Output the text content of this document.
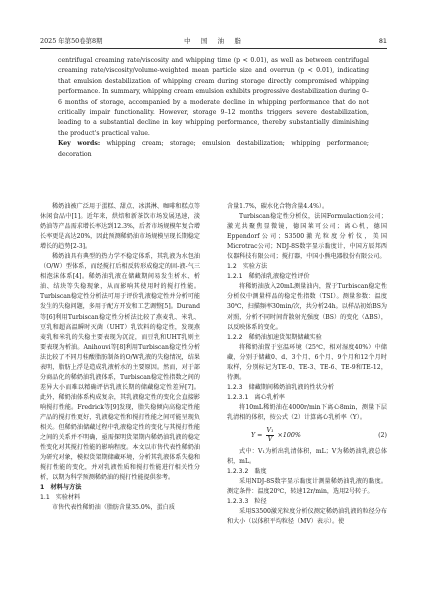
2025 年第50卷第8期	中　国　油　脂	81

centrifugal creaming rate/viscosity and whipping time (p < 0.01), as well as between centrifugal creaming rate/viscosity/volume-weighted mean particle size and overrun (p < 0.01), indicating that emulsion destabilization of whipping cream during storage directly compromised whipping performance. In summary, whipping cream emulsion exhibits progressive destabilization during 0–6 months of storage, accompanied by a moderate decline in whipping performance that do not critically impair functionality. However, storage 9–12 months triggers severe destabilization, leading to a substantial decline in key whipping performance, thereby substantially diminishing the product's practical value.

Key words: whipping cream; storage; emulsion destabilization; whipping performance; decoration

稀奶油被广泛用于蛋糕、甜点、冰淇淋、咖啡和糕点等休闲食品中[1]。近年来，烘焙和新茶饮市场发展迅速，淡奶油等产品需求增长率达到12.3%，后者市场规模年复合增长率更是高达20%，因此预测稀奶油市场规模呈现长期稳定增长的趋势[2-3]。

稀奶油具有典型的热力学不稳定体系，其乳液为水包油（O/W）型体系，而经搅打后相反转形成稳定的固-液-气三相泡沫体系[4]。稀奶油乳液在储藏期间易发生析水、析油、结块等失稳现象，从而影响其使用时的搅打性能。Turbiscan稳定性分析法可用于评价乳液稳定性并分析可能发生的失稳问题，多用于配方开发和工艺调整[5]。Durand等[6]利用Turbiscan稳定性分析法比较了燕麦乳、米乳、豆乳和超高温瞬时灭菌（UHT）乳饮料的稳定性，发现燕麦乳和米乳的失稳主要表现为沉淀，而豆乳和UHT乳则主要表现为析油。Anihouvi等[8]利用Turbiscan稳定性分析法比较了不同月桂酸脂肪制备的O/W乳液的失稳情况，结果表明，脂肪上浮是造成乳液析水的主要原因。然而，对于部分商品化的稀奶油乳液体系，Turbiscan稳定性指数之间的差异大小而难以精确评估乳液长期的储藏稳定性差异[7]。此外，稀奶油体系构成复杂，其乳液稳定性的变化会直接影响搅打性能。Fredrick等[9]发现，脂失稳倾向高稳定性能产品的搅打性更好，乳液稳定性和搅打性能之间可能呈现负相关。但稀奶油储藏过程中乳液稳定性的变化与其搅打性能之间的关系并不明确，亟需探明货架期内稀奶油乳液的稳定性变化对其搅打性能的影响程度。本文以市售代表性稀奶油为研究对象，模拟货架期储藏环境，分析其乳液体系失稳和搅打性能的变化，并对乳液性质和搅打性能进行相关性分析，以期为科学预测稀奶油的搅打性能提供参考。

1　材料与方法

1.1　实验材料

市售代表性稀奶油（脂肪含量35.0%，蛋白质

含量1.7%，碳水化合物含量4.4%）。

Turbiscan稳定性分析仪，法国Formulaction公司；激光共聚焦显微镜，德国莱可公司；离心机，德国Eppendorf公司；S3500激光粒度分析仪，美国Microtrac公司；NDJ-8S数字显示黏度计，中国方辰邦西仪器科技有限公司；搅打器，中国小熊电器股份有限公司。

1.2　实验方法

1.2.1　稀奶油乳液稳定性评价

将稀奶油放入20mL测量油内，置于Turbiscan稳定性分析仪中测量样品的稳定性指数（TSI）。测量参数：温度30℃，扫描频率30min/次，共分析24h。以样品初始BS为对照，分析不同时间背散射光强度（BS）的变化（ΔBS），以反映体系的变化。

1.2.2　稀奶油加速货架期储藏实验

将稀奶油置于室温环境（25℃，相对湿度40%）中储藏，分别于储藏0、d、3个月、6个月、9个月和12个月时取样，分别标记为TE-0、TE-3、TE-6、TE-9和TE-12，待测。

1.2.3　储藏期间稀奶油乳液的性状分析

1.2.3.1　离心乳析率

将10mL稀奶油在4000r/min下离心8min，测量下层乳清相的体积，按公式（2）计算离心乳析率（Y）。

$Y = \frac{\text{V₁}}{V} \times 100\%$	(2)

式中：V₁为析出乳清体积，mL；V为稀奶油乳液总体积，mL。

1.2.3.2　黏度

采用NDJ-8S数字显示黏度计测量稀奶油乳液的黏度。测定条件：温度20℃，转速12r/min，选用2号转子。

1.2.3.3　粒径

采用S3500激光粒度分析仪测定稀奶油乳液的粒径分布和大小（以体积平均粒径（MV）表示）。使
